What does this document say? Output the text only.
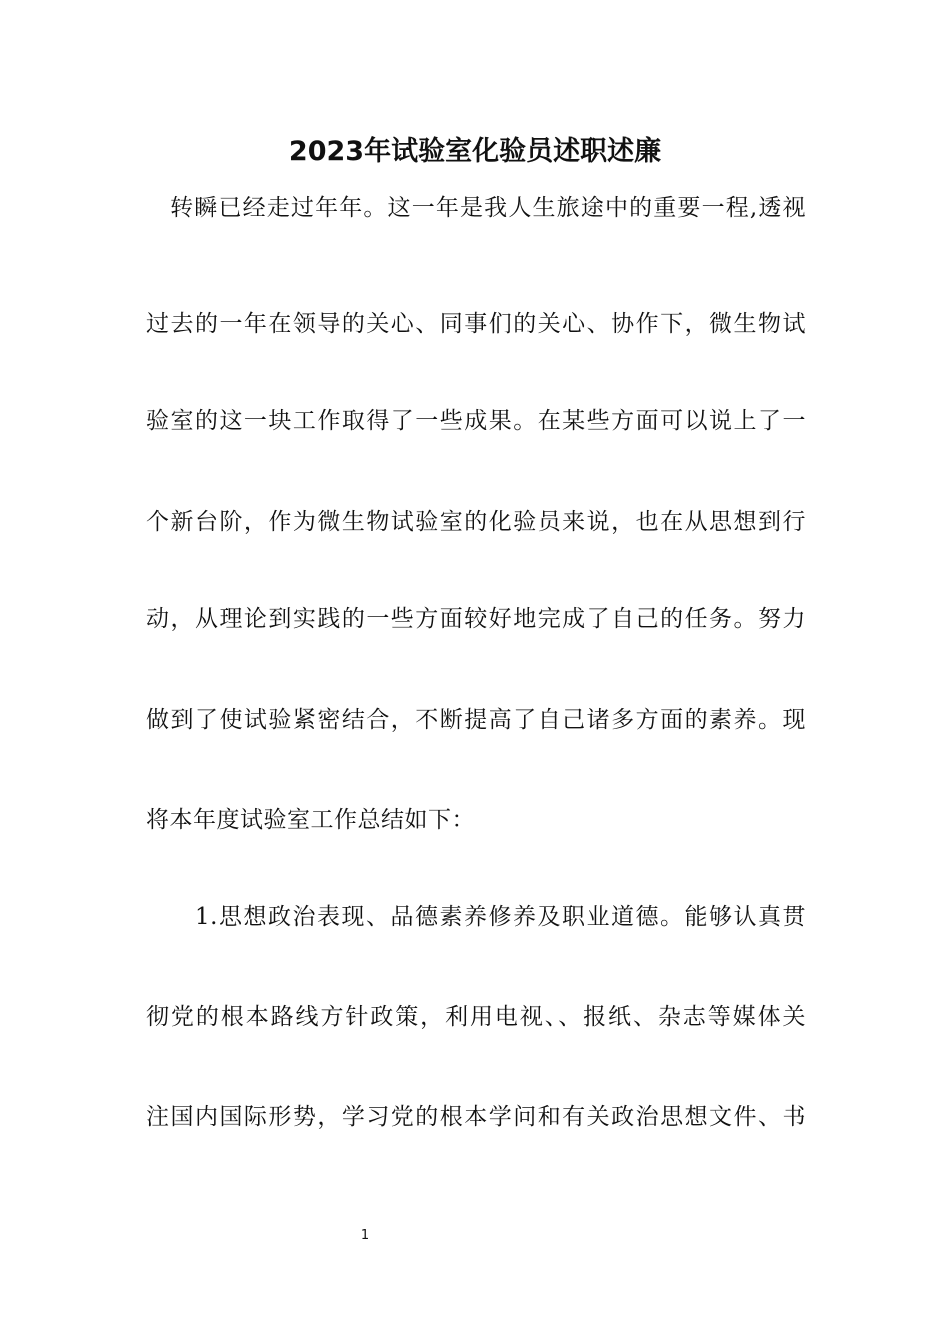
2023年试验室化验员述职述廉
　转瞬已经走过年年。这一年是我人生旅途中的重要一程,透视
过去的一年在领导的关心、同事们的关心、协作下，微生物试
验室的这一块工作取得了一些成果。在某些方面可以说上了一
个新台阶，作为微生物试验室的化验员来说，也在从思想到行
动，从理论到实践的一些方面较好地完成了自己的任务。努力
做到了使试验紧密结合，不断提高了自己诸多方面的素养。现
将本年度试验室工作总结如下：
　　1.思想政治表现、品德素养修养及职业道德。能够认真贯
彻党的根本路线方针政策，利用电视、、报纸、杂志等媒体关
注国内国际形势，学习党的根本学问和有关政治思想文件、书
1
